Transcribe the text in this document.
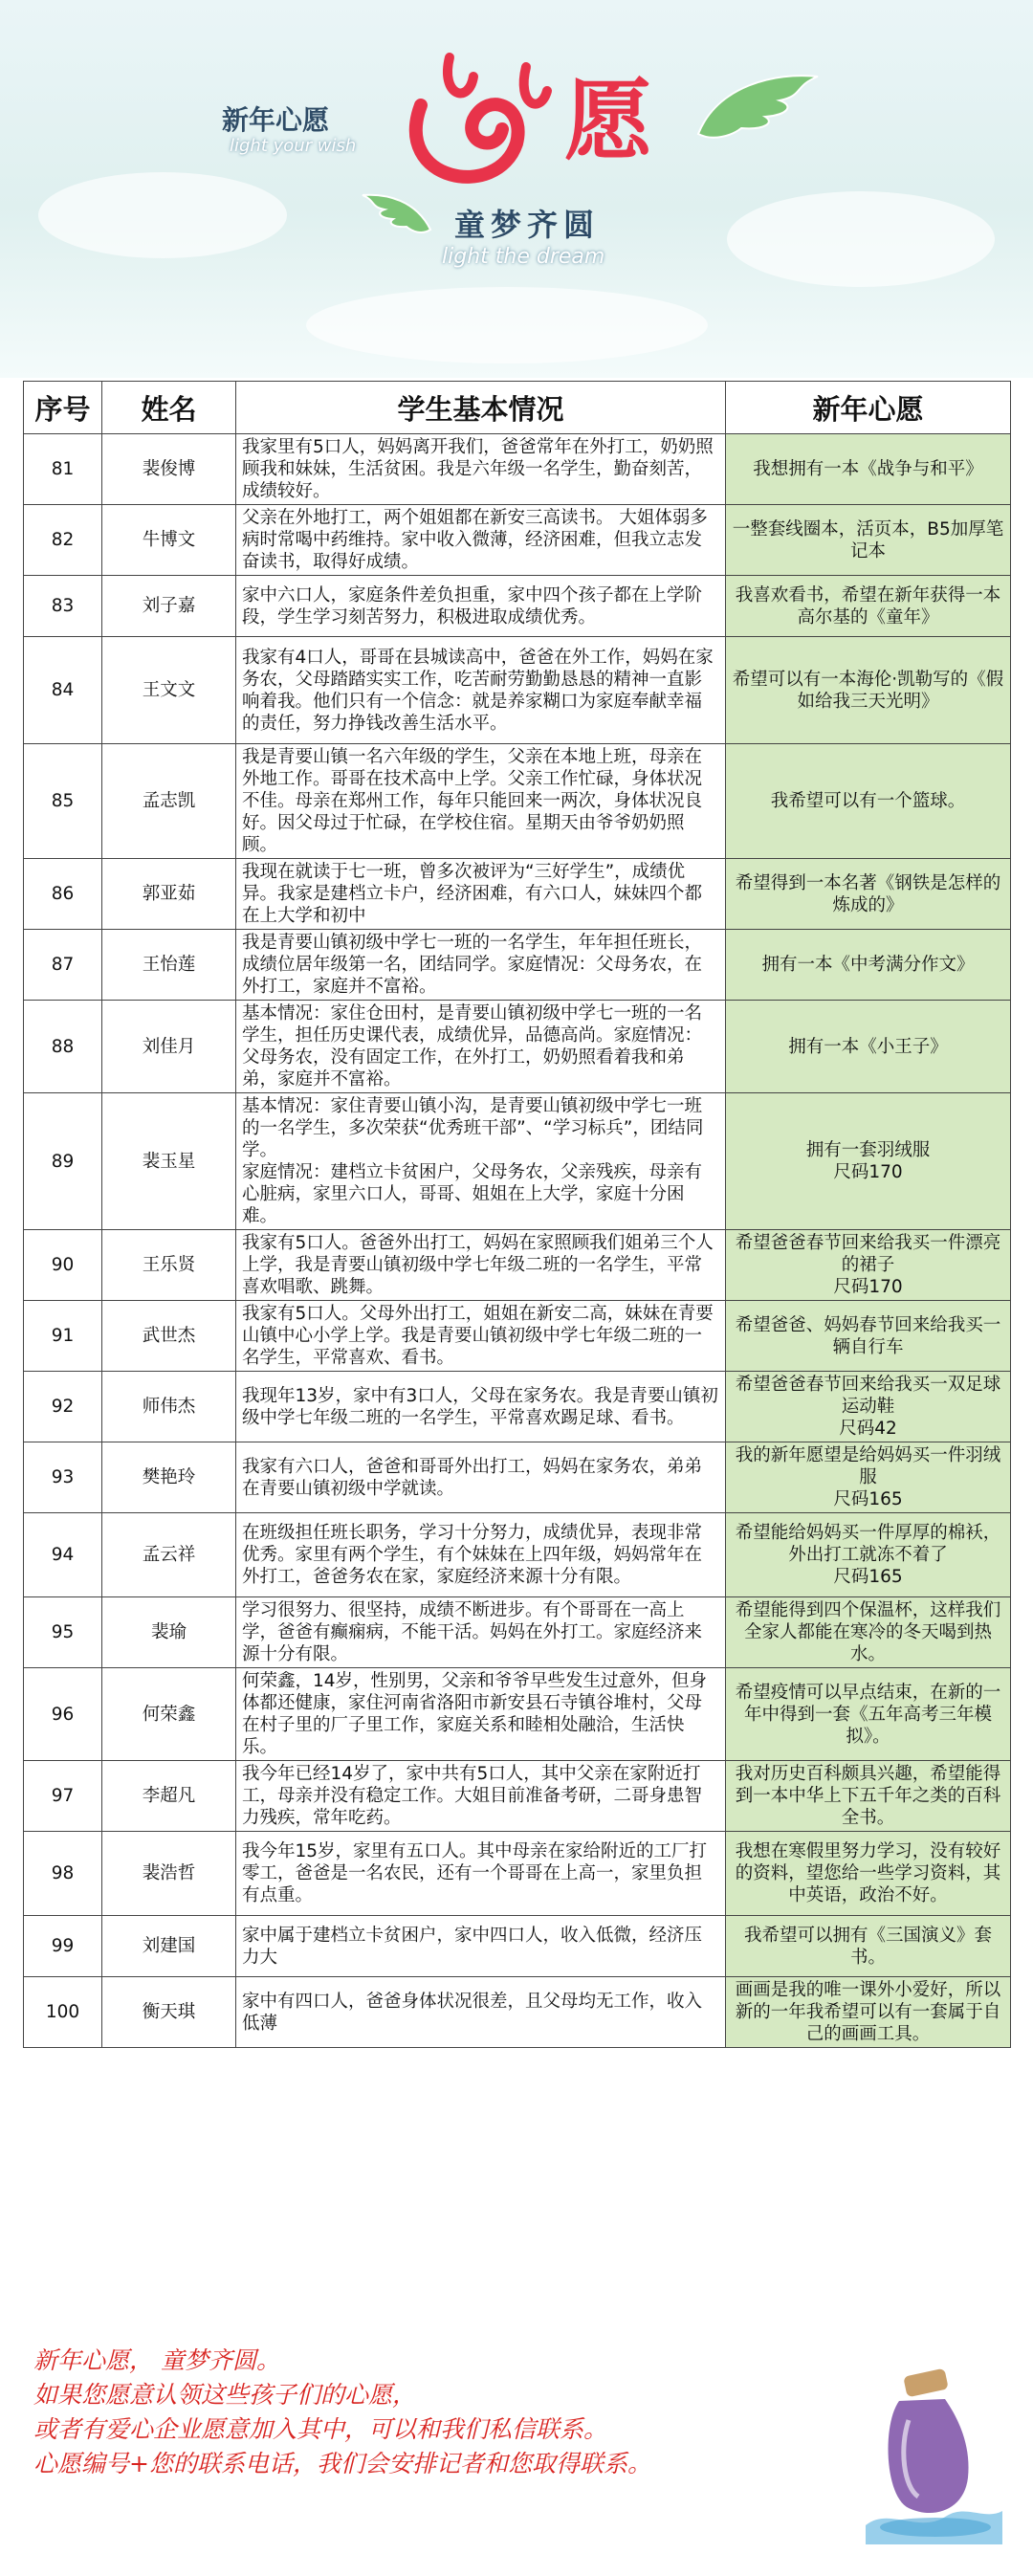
新年心愿
light your wish 愿
童梦齐圆
light the dream
序号	姓名	学生基本情况	新年心愿
81	裴俊博	我家里有5口人，妈妈离开我们，爸爸常年在外打工，奶奶照顾我和妹妹，生活贫困。我是六年级一名学生，勤奋刻苦，成绩较好。	我想拥有一本《战争与和平》
82	牛博文	父亲在外地打工，两个姐姐都在新安三高读书。 大姐体弱多病时常喝中药维持。家中收入微薄，经济困难，但我立志发奋读书，取得好成绩。	一整套线圈本，活页本，B5加厚笔记本
83	刘子嘉	家中六口人，家庭条件差负担重，家中四个孩子都在上学阶段，学生学习刻苦努力，积极进取成绩优秀。	我喜欢看书，希望在新年获得一本高尔基的《童年》
84	王文文	我家有4口人，哥哥在县城读高中，爸爸在外工作，妈妈在家务农，父母踏踏实实工作，吃苦耐劳勤勤恳恳的精神一直影响着我。他们只有一个信念：就是养家糊口为家庭奉献幸福的责任，努力挣钱改善生活水平。	希望可以有一本海伦·凯勒写的《假如给我三天光明》
85	孟志凯	我是青要山镇一名六年级的学生，父亲在本地上班，母亲在外地工作。哥哥在技术高中上学。父亲工作忙碌，身体状况不佳。母亲在郑州工作，每年只能回来一两次，身体状况良好。因父母过于忙碌，在学校住宿。星期天由爷爷奶奶照顾。	我希望可以有一个篮球。
86	郭亚茹	我现在就读于七一班，曾多次被评为“三好学生”，成绩优异。我家是建档立卡户，经济困难，有六口人，妹妹四个都在上大学和初中	希望得到一本名著《钢铁是怎样的炼成的》
87	王怡莲	我是青要山镇初级中学七一班的一名学生，年年担任班长，成绩位居年级第一名，团结同学。家庭情况：父母务农，在外打工，家庭并不富裕。	拥有一本《中考满分作文》
88	刘佳月	基本情况：家住仓田村，是青要山镇初级中学七一班的一名学生，担任历史课代表，成绩优异，品德高尚。家庭情况：父母务农，没有固定工作，在外打工，奶奶照看着我和弟弟，家庭并不富裕。	拥有一本《小王子》
89	裴玉星	基本情况：家住青要山镇小沟，是青要山镇初级中学七一班的一名学生，多次荣获“优秀班干部”、“学习标兵”，团结同学。
家庭情况：建档立卡贫困户，父母务农，父亲残疾，母亲有心脏病，家里六口人，哥哥、姐姐在上大学，家庭十分困难。	拥有一套羽绒服
尺码170
90	王乐贤	我家有5口人。爸爸外出打工，妈妈在家照顾我们姐弟三个人上学，我是青要山镇初级中学七年级二班的一名学生，平常喜欢唱歌、跳舞。	希望爸爸春节回来给我买一件漂亮的裙子
尺码170
91	武世杰	我家有5口人。父母外出打工，姐姐在新安二高，妹妹在青要山镇中心小学上学。我是青要山镇初级中学七年级二班的一名学生，平常喜欢、看书。	希望爸爸、妈妈春节回来给我买一辆自行车
92	师伟杰	我现年13岁，家中有3口人，父母在家务农。我是青要山镇初级中学七年级二班的一名学生，平常喜欢踢足球、看书。	希望爸爸春节回来给我买一双足球运动鞋
尺码42
93	樊艳玲	我家有六口人，爸爸和哥哥外出打工，妈妈在家务农，弟弟在青要山镇初级中学就读。	我的新年愿望是给妈妈买一件羽绒服
尺码165
94	孟云祥	在班级担任班长职务，学习十分努力，成绩优异，表现非常优秀。家里有两个学生，有个妹妹在上四年级，妈妈常年在外打工，爸爸务农在家，家庭经济来源十分有限。	希望能给妈妈买一件厚厚的棉袄，外出打工就冻不着了
尺码165
95	裴瑜	学习很努力、很坚持，成绩不断进步。有个哥哥在一高上学，爸爸有癫痫病，不能干活。妈妈在外打工。家庭经济来源十分有限。	希望能得到四个保温杯，这样我们全家人都能在寒冷的冬天喝到热水。
96	何荣鑫	何荣鑫，14岁，性别男，父亲和爷爷早些发生过意外，但身体都还健康，家住河南省洛阳市新安县石寺镇谷堆村，父母在村子里的厂子里工作，家庭关系和睦相处融洽，生活快乐。	希望疫情可以早点结束，在新的一年中得到一套《五年高考三年模拟》。
97	李超凡	我今年已经14岁了，家中共有5口人，其中父亲在家附近打工，母亲并没有稳定工作。大姐目前准备考研，二哥身患智力残疾，常年吃药。	我对历史百科颇具兴趣，希望能得到一本中华上下五千年之类的百科全书。
98	裴浩哲	我今年15岁，家里有五口人。其中母亲在家给附近的工厂打零工，爸爸是一名农民，还有一个哥哥在上高一，家里负担有点重。	我想在寒假里努力学习，没有较好的资料，望您给一些学习资料，其中英语，政治不好。
99	刘建国	家中属于建档立卡贫困户，家中四口人，收入低微，经济压力大	我希望可以拥有《三国演义》套书。
100	衡天琪	家中有四口人，爸爸身体状况很差，且父母均无工作，收入低薄	画画是我的唯一课外小爱好，所以新的一年我希望可以有一套属于自己的画画工具。
新年心愿， 童梦齐圆。
如果您愿意认领这些孩子们的心愿，
或者有爱心企业愿意加入其中，可以和我们私信联系。
心愿编号+您的联系电话，我们会安排记者和您取得联系。
